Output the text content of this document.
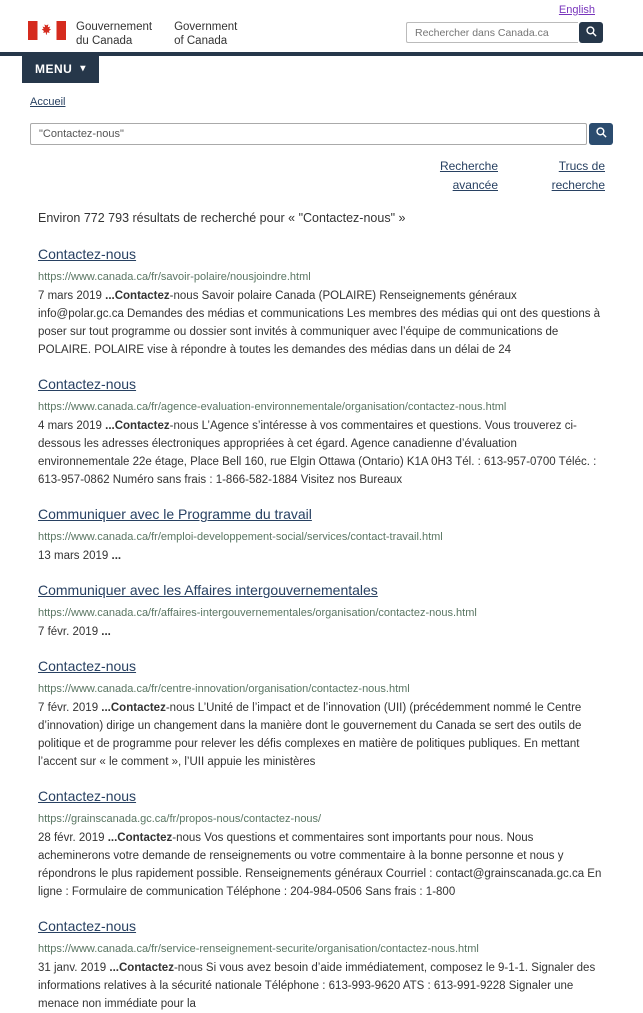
English
Gouvernement
du Canada
Government
of Canada
Rechercher dans Canada.ca
MENU ▾
Accueil
"Contactez-nous"
Recherche avancée
Trucs de recherche

Environ 772 793 résultats de recherché pour « "Contactez-nous" »

Contactez-nous
https://www.canada.ca/fr/savoir-polaire/nousjoindre.html

7 mars 2019 ...Contactez-nous Savoir polaire Canada (POLAIRE) Renseignements généraux info@polar.gc.ca Demandes des médias et communications Les membres des médias qui ont des questions à poser sur tout programme ou dossier sont invités à communiquer avec l’équipe de communications de POLAIRE. POLAIRE vise à répondre à toutes les demandes des médias dans un délai de 24

Contactez-nous
https://www.canada.ca/fr/agence-evaluation-environnementale/organisation/contactez-nous.html

4 mars 2019 ...Contactez-nous L’Agence s’intéresse à vos commentaires et questions. Vous trouverez ci-dessous les adresses électroniques appropriées à cet égard. Agence canadienne d’évaluation environnementale 22e étage, Place Bell 160, rue Elgin Ottawa (Ontario) K1A 0H3 Tél. : 613-957-0700 Téléc. : 613-957-0862 Numéro sans frais : 1-866-582-1884 Visitez nos Bureaux

Communiquer avec le Programme du travail
https://www.canada.ca/fr/emploi-developpement-social/services/contact-travail.html

13 mars 2019 ...

Communiquer avec les Affaires intergouvernementales
https://www.canada.ca/fr/affaires-intergouvernementales/organisation/contactez-nous.html

7 févr. 2019 ...

Contactez-nous
https://www.canada.ca/fr/centre-innovation/organisation/contactez-nous.html

7 févr. 2019 ...Contactez-nous L’Unité de l’impact et de l’innovation (UII) (précédemment nommé le Centre d’innovation) dirige un changement dans la manière dont le gouvernement du Canada se sert des outils de politique et de programme pour relever les défis complexes en matière de politiques publiques. En mettant l’accent sur « le comment », l’UII appuie les ministères

Contactez-nous
https://grainscanada.gc.ca/fr/propos-nous/contactez-nous/

28 févr. 2019 ...Contactez-nous Vos questions et commentaires sont importants pour nous. Nous acheminerons votre demande de renseignements ou votre commentaire à la bonne personne et nous y répondrons le plus rapidement possible. Renseignements généraux Courriel : contact@grainscanada.gc.ca En ligne : Formulaire de communication Téléphone : 204-984-0506 Sans frais : 1-800

Contactez-nous
https://www.canada.ca/fr/service-renseignement-securite/organisation/contactez-nous.html

31 janv. 2019 ...Contactez-nous Si vous avez besoin d’aide immédiatement, composez le 9-1-1. Signaler des informations relatives à la sécurité nationale Téléphone : 613-993-9620 ATS : 613-991-9228 Signaler une menace non immédiate pour la
